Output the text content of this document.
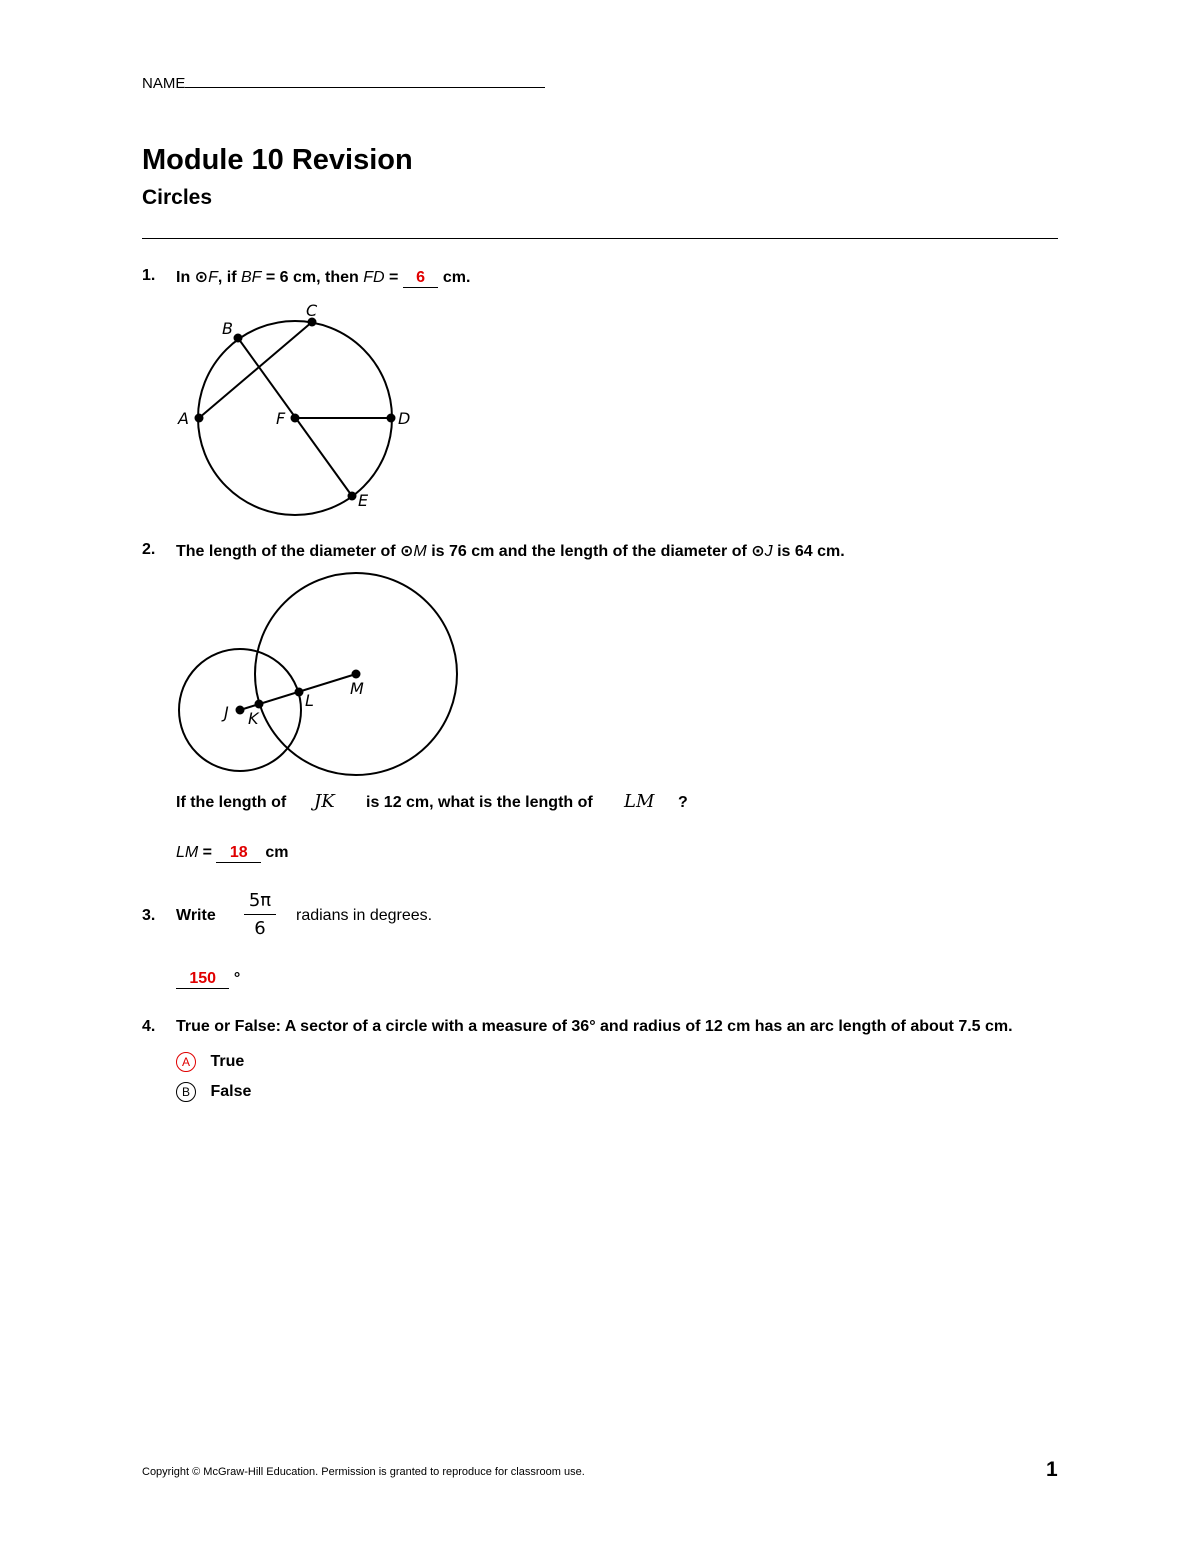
NAME
Module 10 Revision
Circles
1. In ⊙F, if BF = 6 cm, then FD =    6    cm.
A
B
C
D
E
F
2. The length of the diameter of ⊙M is 76 cm and the length of the diameter of ⊙J is 64 cm.
J K
L
M
If the length of JK is 12 cm, what is the length of LM ?
LM =    18    cm
3. Write
5π
6
radians in degrees.
150 °
4. True or False: A sector of a circle with a measure of 36° and radius of 12 cm has an arc length of about 7.5 cm.
A True
B False
Copyright © McGraw-Hill Education. Permission is granted to reproduce for classroom use.	1
